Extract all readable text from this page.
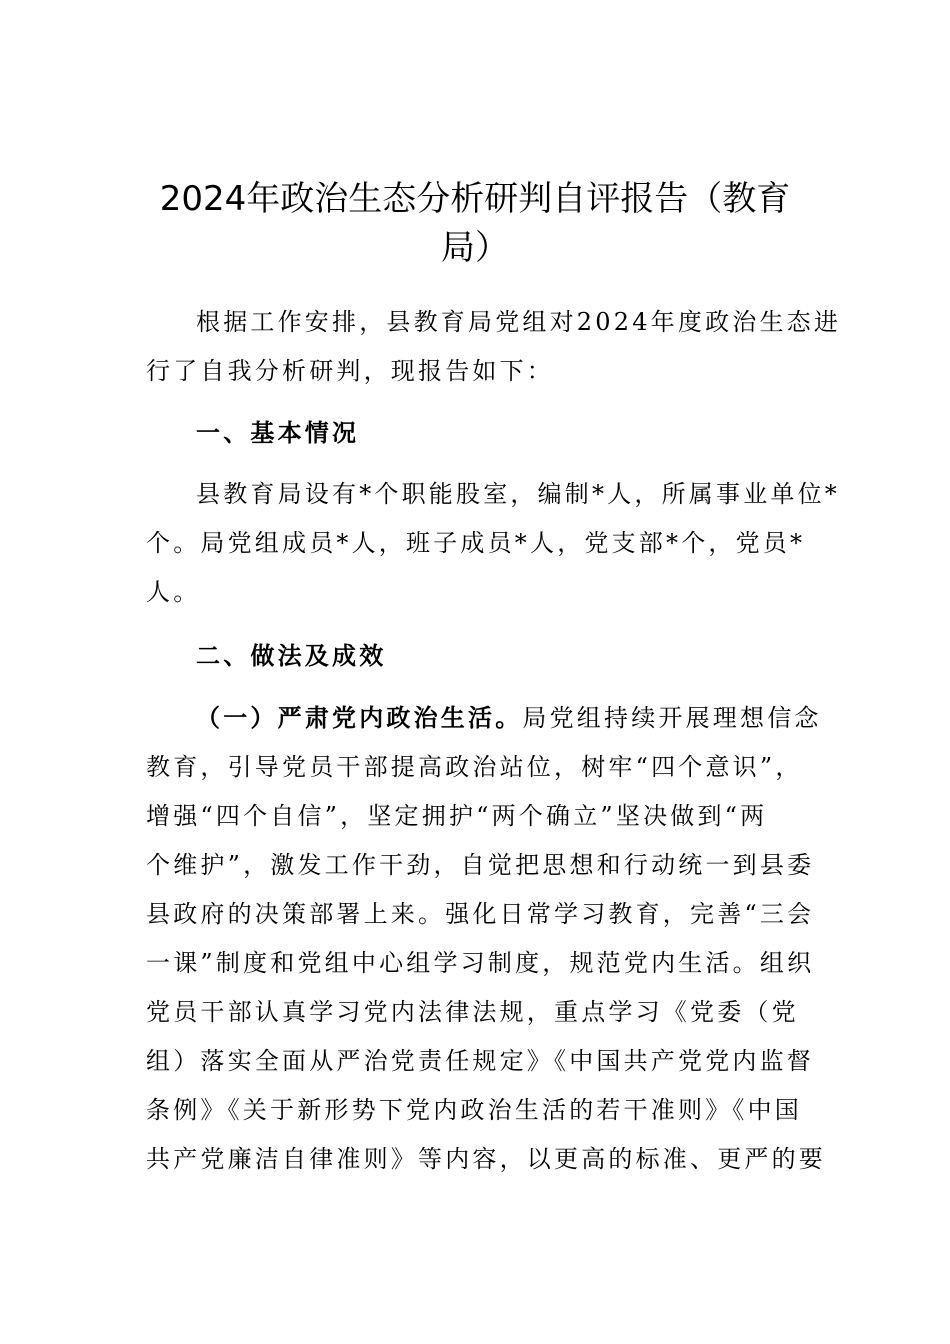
2024年政治生态分析研判自评报告（教育
局）

根据工作安排，县教育局党组对2024年度政治生态进

行了自我分析研判，现报告如下：

一、基本情况

县教育局设有*个职能股室，编制*人，所属事业单位*

个。局党组成员*人，班子成员*人，党支部*个，党员*

人。

二、做法及成效

（一）严肃党内政治生活。局党组持续开展理想信念

教育，引导党员干部提高政治站位，树牢“四个意识”，

增强“四个自信”，坚定拥护“两个确立”坚决做到“两

个维护”，激发工作干劲，自觉把思想和行动统一到县委

县政府的决策部署上来。强化日常学习教育，完善“三会

一课”制度和党组中心组学习制度，规范党内生活。组织

党员干部认真学习党内法律法规，重点学习《党委（党

组）落实全面从严治党责任规定》《中国共产党党内监督

条例》《关于新形势下党内政治生活的若干准则》《中国

共产党廉洁自律准则》等内容，以更高的标准、更严的要
